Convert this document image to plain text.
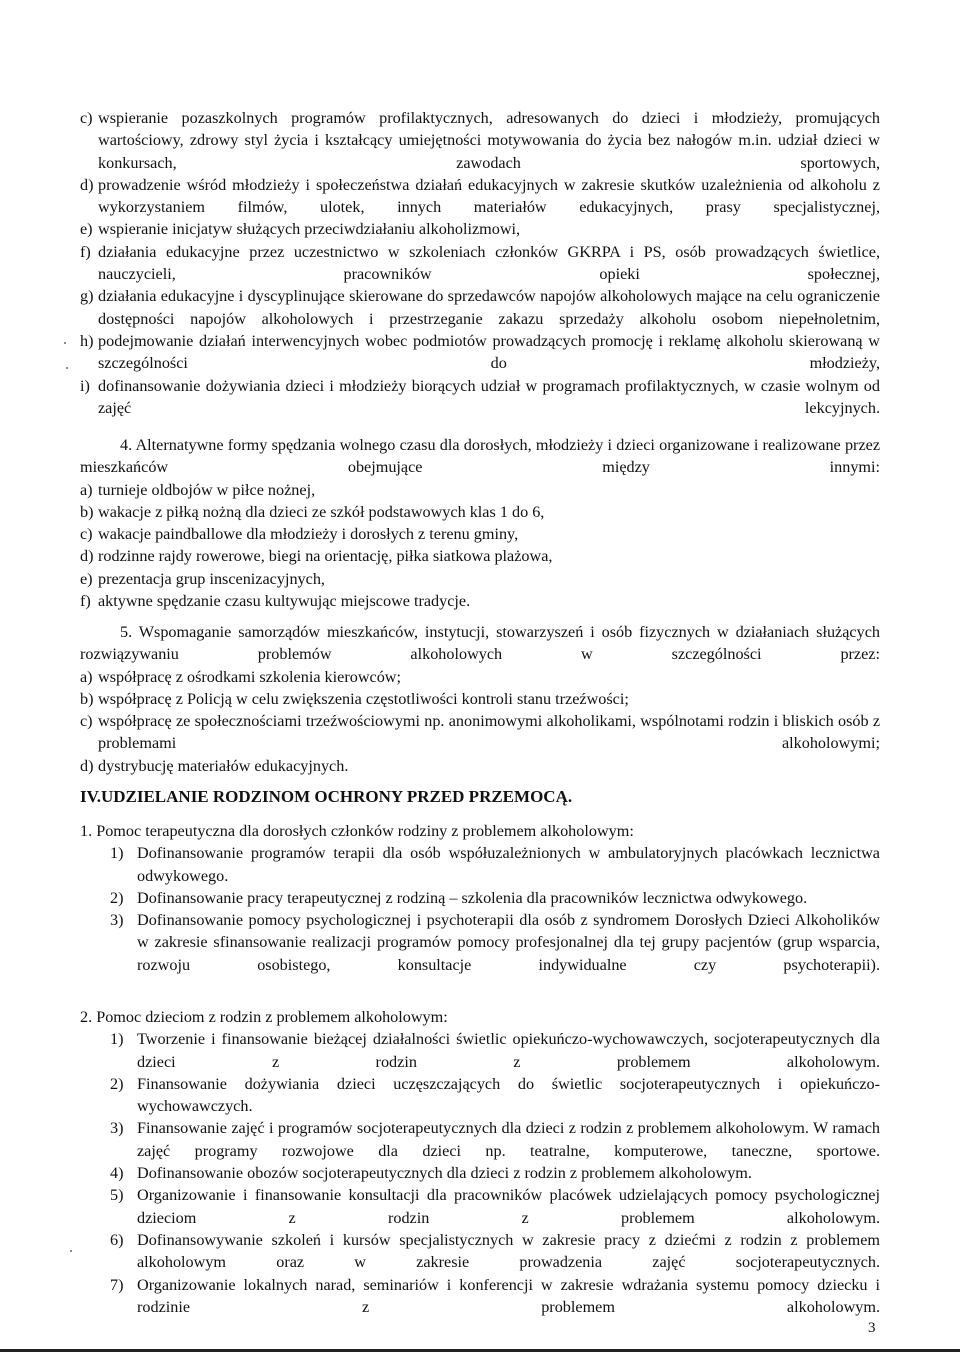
c) wspieranie pozaszkolnych programów profilaktycznych, adresowanych do dzieci i młodzieży, promujących wartościowy, zdrowy styl życia i kształcący umiejętności motywowania do życia bez nałogów m.in. udział dzieci w konkursach, zawodach sportowych,
d) prowadzenie wśród młodzieży i społeczeństwa działań edukacyjnych w zakresie skutków uzależnienia od alkoholu z wykorzystaniem filmów, ulotek, innych materiałów edukacyjnych, prasy specjalistycznej,
e) wspieranie inicjatyw służących przeciwdziałaniu alkoholizmowi,
f) działania edukacyjne przez uczestnictwo w szkoleniach członków GKRPA i PS, osób prowadzących świetlice, nauczycieli, pracowników opieki społecznej,
g) działania edukacyjne i dyscyplinujące skierowane do sprzedawców napojów alkoholowych mające na celu ograniczenie dostępności napojów alkoholowych i przestrzeganie zakazu sprzedaży alkoholu osobom niepełnoletnim,
h) podejmowanie działań interwencyjnych wobec podmiotów prowadzących promocję i reklamę alkoholu skierowaną w szczególności do młodzieży,
i) dofinansowanie dożywiania dzieci i młodzieży biorących udział w programach profilaktycznych, w czasie wolnym od zajęć lekcyjnych.

4. Alternatywne formy spędzania wolnego czasu dla dorosłych, młodzieży i dzieci organizowane i realizowane przez mieszkańców obejmujące między innymi:

a) turnieje oldbojów w piłce nożnej,
b) wakacje z piłką nożną dla dzieci ze szkół podstawowych klas 1 do 6,
c) wakacje paindballowe dla młodzieży i dorosłych z terenu gminy,
d) rodzinne rajdy rowerowe, biegi na orientację, piłka siatkowa plażowa,
e) prezentacja grup inscenizacyjnych,
f) aktywne spędzanie czasu kultywując miejscowe tradycje.

5. Wspomaganie samorządów mieszkańców, instytucji, stowarzyszeń i osób fizycznych w działaniach służących rozwiązywaniu problemów alkoholowych w szczególności przez:

a) współpracę z ośrodkami szkolenia kierowców;
b) współpracę z Policją w celu zwiększenia częstotliwości kontroli stanu trzeźwości;
c) współpracę ze społecznościami trzeźwościowymi np. anonimowymi alkoholikami, wspólnotami rodzin i bliskich osób z problemami alkoholowymi;
d) dystrybucję materiałów edukacyjnych.
IV.UDZIELANIE RODZINOM OCHRONY PRZED PRZEMOCĄ.

1. Pomoc terapeutyczna dla dorosłych członków rodziny z problemem alkoholowym:

1) Dofinansowanie programów terapii dla osób współuzależnionych w ambulatoryjnych placówkach lecznictwa odwykowego.
2) Dofinansowanie pracy terapeutycznej z rodziną – szkolenia dla pracowników lecznictwa odwykowego.
3) Dofinansowanie pomocy psychologicznej i psychoterapii dla osób z syndromem Dorosłych Dzieci Alkoholików w zakresie sfinansowanie realizacji programów pomocy profesjonalnej dla tej grupy pacjentów (grup wsparcia, rozwoju osobistego, konsultacje indywidualne czy psychoterapii).

2. Pomoc dzieciom z rodzin z problemem alkoholowym:

1) Tworzenie i finansowanie bieżącej działalności świetlic opiekuńczo-wychowawczych, socjoterapeutycznych dla dzieci z rodzin z problemem alkoholowym.
2) Finansowanie dożywiania dzieci uczęszczających do świetlic socjoterapeutycznych i opiekuńczo-wychowawczych.
3) Finansowanie zajęć i programów socjoterapeutycznych dla dzieci z rodzin z problemem alkoholowym. W ramach zajęć programy rozwojowe dla dzieci np. teatralne, komputerowe, taneczne, sportowe.
4) Dofinansowanie obozów socjoterapeutycznych dla dzieci z rodzin z problemem alkoholowym.
5) Organizowanie i finansowanie konsultacji dla pracowników placówek udzielających pomocy psychologicznej dzieciom z rodzin z problemem alkoholowym.
6) Dofinansowywanie szkoleń i kursów specjalistycznych w zakresie pracy z dziećmi z rodzin z problemem alkoholowym oraz w zakresie prowadzenia zajęć socjoterapeutycznych.
7) Organizowanie lokalnych narad, seminariów i konferencji w zakresie wdrażania systemu pomocy dziecku i rodzinie z problemem alkoholowym.
3
